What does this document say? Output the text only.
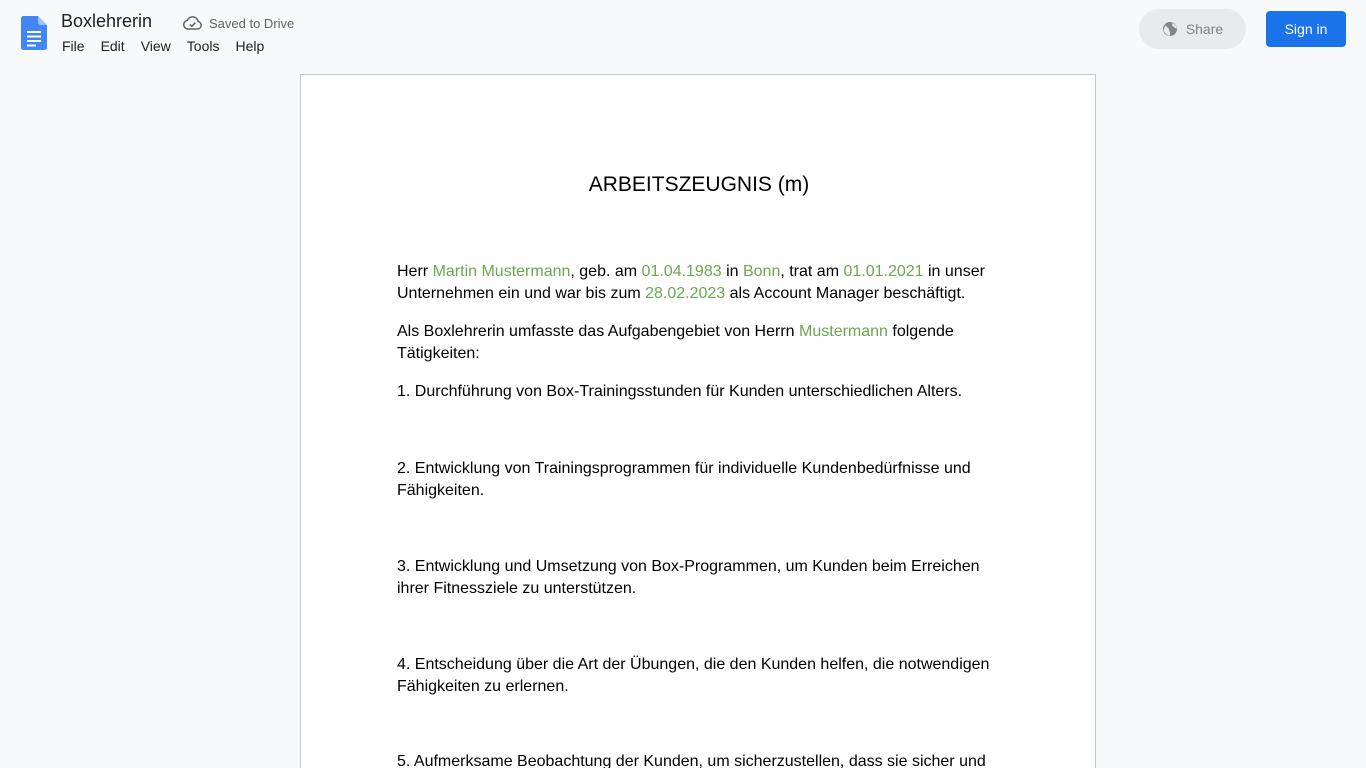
Boxlehrerin	Saved to Drive
File	Edit	View	Tools	Help
Share	Sign in
ARBEITSZEUGNIS (m)

Herr Martin Mustermann, geb. am 01.04.1983 in Bonn, trat am 01.01.2021 in unser Unternehmen ein und war bis zum 28.02.2023 als Account Manager beschäftigt.

Als Boxlehrerin umfasste das Aufgabengebiet von Herrn Mustermann folgende Tätigkeiten:

1. Durchführung von Box-Trainingsstunden für Kunden unterschiedlichen Alters.

2. Entwicklung von Trainingsprogrammen für individuelle Kundenbedürfnisse und Fähigkeiten.

3. Entwicklung und Umsetzung von Box-Programmen, um Kunden beim Erreichen ihrer Fitnessziele zu unterstützen.

4. Entscheidung über die Art der Übungen, die den Kunden helfen, die notwendigen Fähigkeiten zu erlernen.

5. Aufmerksame Beobachtung der Kunden, um sicherzustellen, dass sie sicher und
